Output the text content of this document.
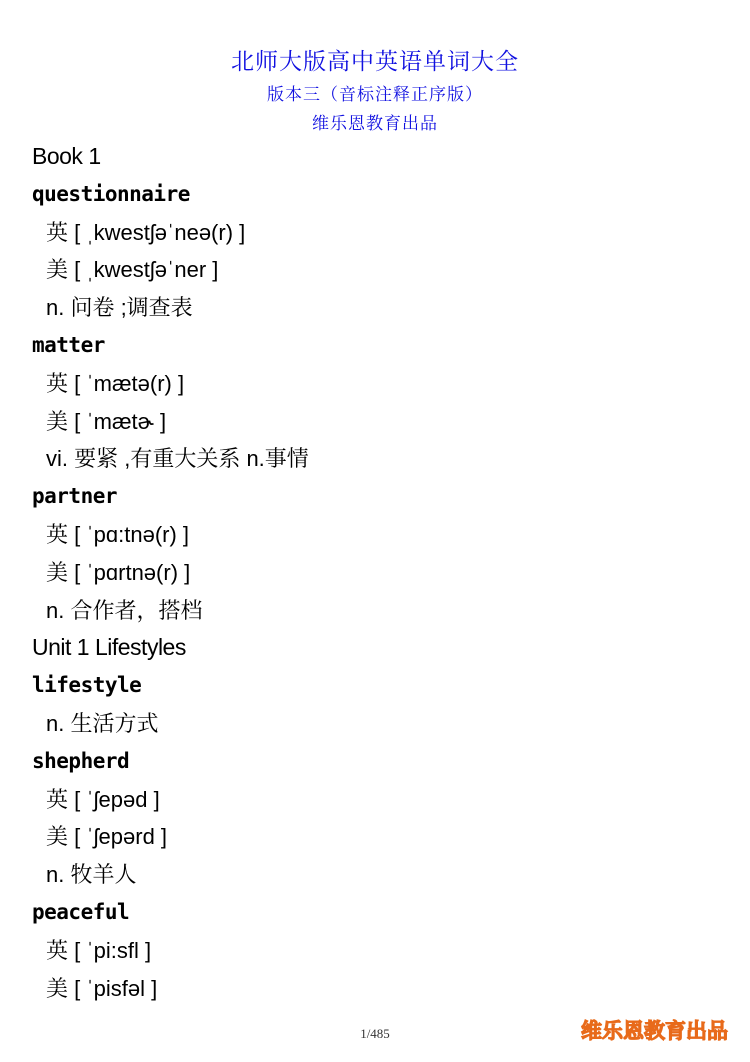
北师大版高中英语单词大全
版本三（音标注释正序版）
维乐恩教育出品
Book 1
questionnaire
英 [ ˌkwestʃəˈneə(r) ]
美 [ ˌkwestʃəˈner ]
n. 问卷 ;调查表
matter
英 [ ˈmætə(r) ]
美 [ ˈmætɚ ]
vi. 要紧 ,有重大关系 n.事情
partner
英 [ ˈpɑ:tnə(r) ]
美 [ ˈpɑrtnə(r) ]
n. 合作者，搭档
Unit 1 Lifestyles
lifestyle
n. 生活方式
shepherd
英 [ ˈʃepəd ]
美 [ ˈʃepərd ]
n. 牧羊人
peaceful
英 [ ˈpi:sfl ]
美 [ ˈpisfəl ]
1/485	维乐恩教育出品
